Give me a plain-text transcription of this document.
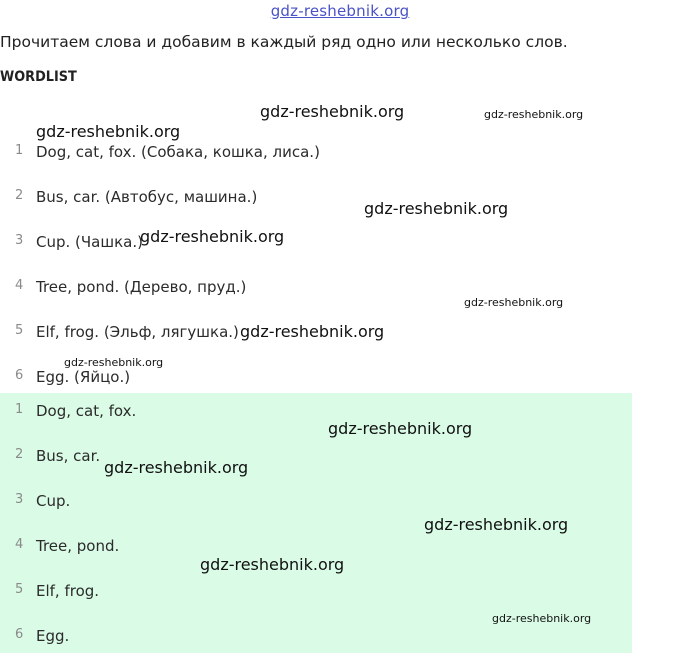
gdz-reshebnik.org
Прочитаем слова и добавим в каждый ряд одно или несколько слов.
WORDLIST
1 Dog, cat, fox. (Собака, кошка, лиса.)
2 Bus, car. (Автобус, машина.)
3 Cup. (Чашка.)
4 Tree, pond. (Дерево, пруд.)
5 Elf, frog. (Эльф, лягушка.)
6 Egg. (Яйцо.)
1 Dog, cat, fox.
2 Bus, car.
3 Cup.
4 Tree, pond.
5 Elf, frog.
6 Egg.
gdz-reshebnik.org	gdz-reshebnik.org
gdz-reshebnik.org
gdz-reshebnik.org
gdz-reshebnik.org
gdz-reshebnik.org
gdz-reshebnik.org
gdz-reshebnik.org
gdz-reshebnik.org
gdz-reshebnik.org
gdz-reshebnik.org
gdz-reshebnik.org
gdz-reshebnik.org
